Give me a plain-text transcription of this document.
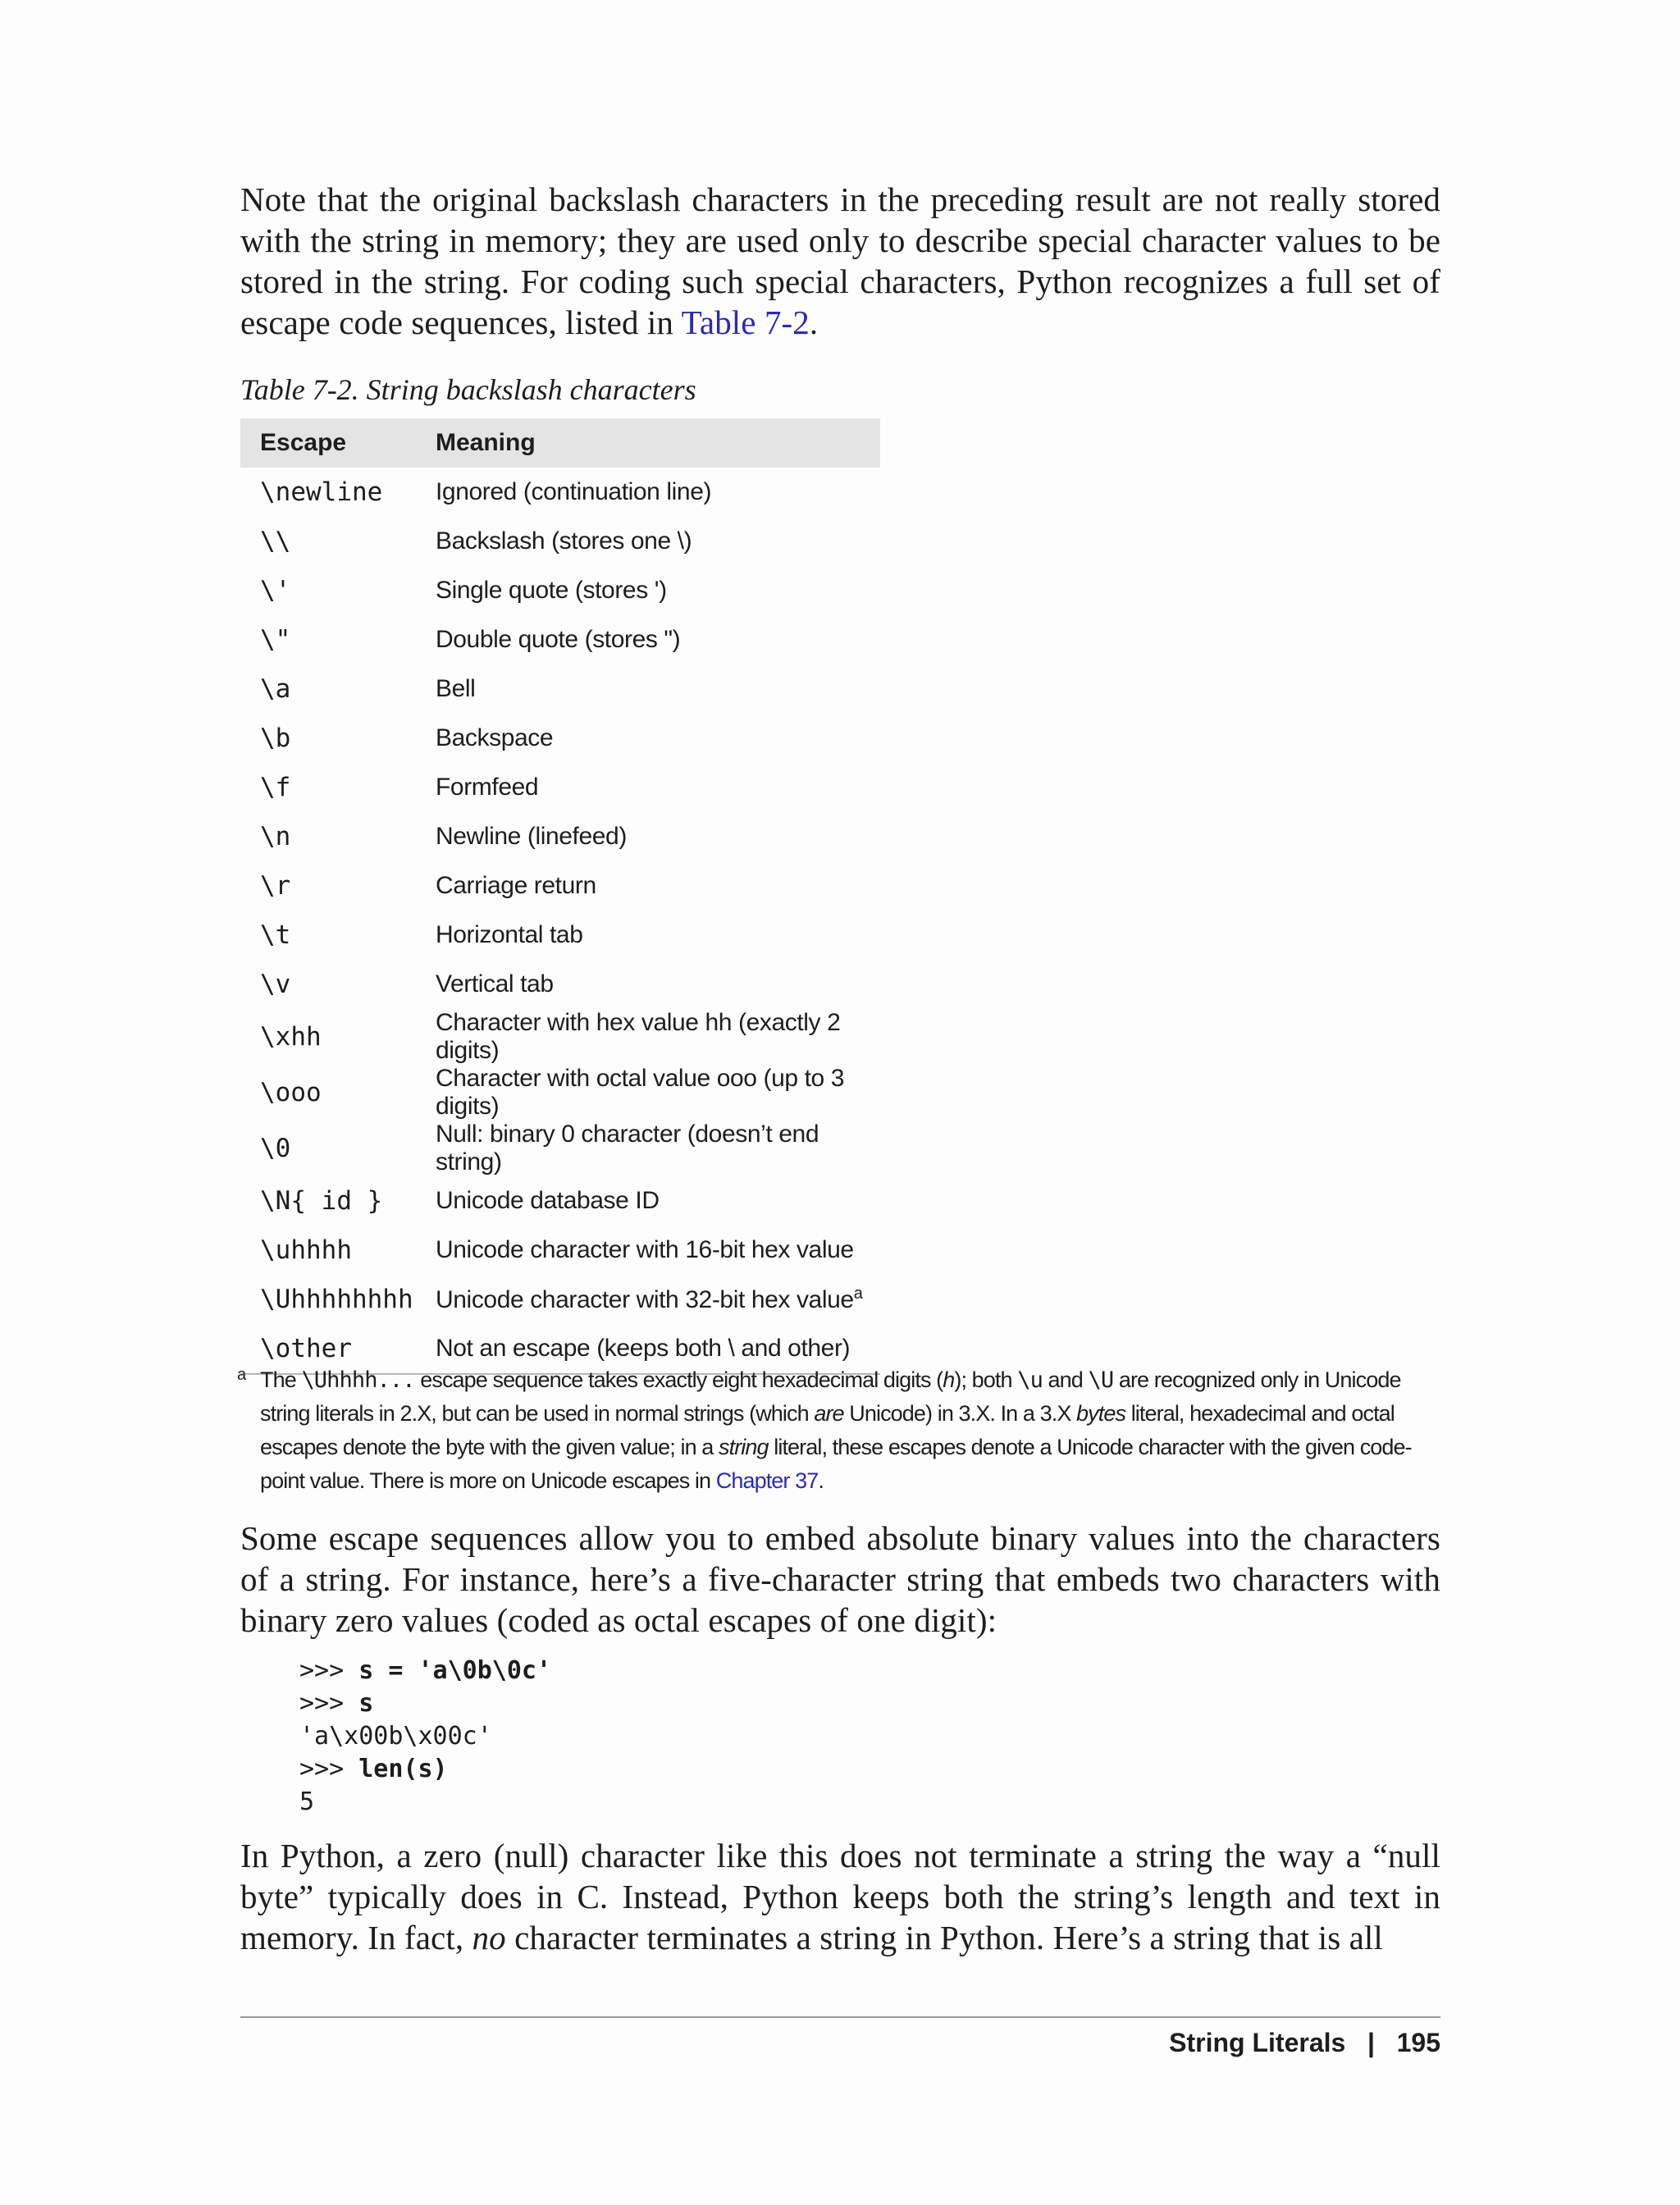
Note that the original backslash characters in the preceding result are not really stored with the string in memory; they are used only to describe special character values to be stored in the string. For coding such special characters, Python recognizes a full set of escape code sequences, listed in Table 7-2.

Table 7-2. String backslash characters

Escape	Meaning
\newline	Ignored (continuation line)
\\	Backslash (stores one \)
\'	Single quote (stores ')
\"	Double quote (stores ")
\a	Bell
\b	Backspace
\f	Formfeed
\n	Newline (linefeed)
\r	Carriage return
\t	Horizontal tab
\v	Vertical tab
\xhh	Character with hex value hh (exactly 2 digits)
\ooo	Character with octal value ooo (up to 3 digits)
\0	Null: binary 0 character (doesn’t end string)
\N{ id }	Unicode database ID
\uhhhh	Unicode character with 16-bit hex value
\Uhhhhhhhh	Unicode character with 32-bit hex value$^a$
\other	Not an escape (keeps both \ and other)
a The \Uhhhh... escape sequence takes exactly eight hexadecimal digits (h); both \u and \U are recognized only in Unicode string literals in 2.X, but can be used in normal strings (which are Unicode) in 3.X. In a 3.X bytes literal, hexadecimal and octal escapes denote the byte with the given value; in a string literal, these escapes denote a Unicode character with the given code-point value. There is more on Unicode escapes in Chapter 37.

Some escape sequences allow you to embed absolute binary values into the characters of a string. For instance, here’s a five-character string that embeds two characters with binary zero values (coded as octal escapes of one digit):

>>> s = 'a\0b\0c'
>>> s
'a\x00b\x00c'
>>> len(s)
5

In Python, a zero (null) character like this does not terminate a string the way a “null byte” typically does in C. Instead, Python keeps both the string’s length and text in memory. In fact, no character terminates a string in Python. Here’s a string that is all

String Literals | 195
